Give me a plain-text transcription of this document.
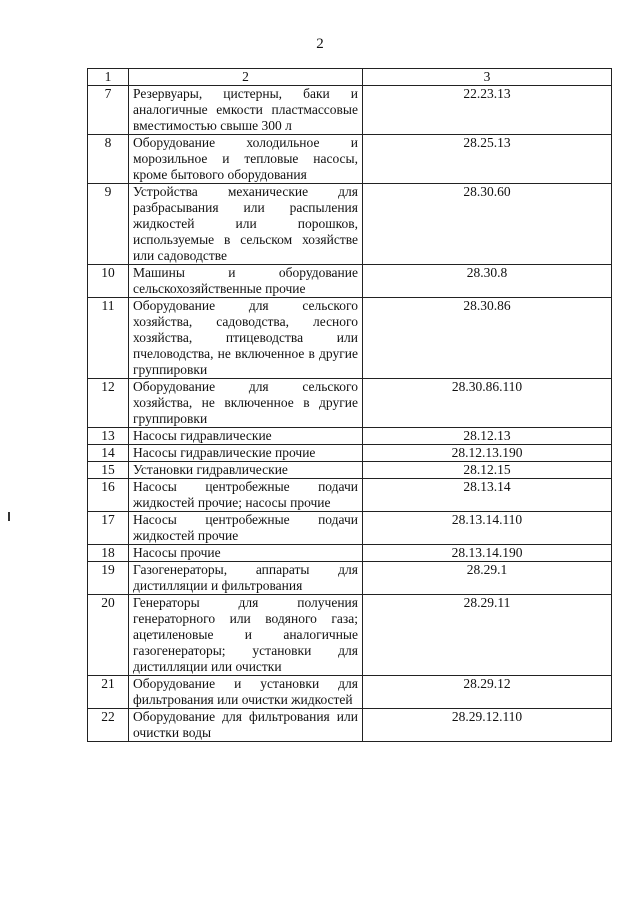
2
1	2	3
7	Резервуары, цистерны, баки и аналогичные емкости пластмассовые вместимостью свыше 300 л	22.23.13
8	Оборудование холодильное и морозильное и тепловые насосы, кроме бытового оборудования	28.25.13
9	Устройства механические для разбрасывания или распыления жидкостей или порошков, используемые в сельском хозяйстве или садоводстве	28.30.60
10	Машины и оборудование сельскохозяйственные прочие	28.30.8
11	Оборудование для сельского хозяйства, садоводства, лесного хозяйства, птицеводства или пчеловодства, не включенное в другие группировки	28.30.86
12	Оборудование для сельского хозяйства, не включенное в другие группировки	28.30.86.110
13	Насосы гидравлические	28.12.13
14	Насосы гидравлические прочие	28.12.13.190
15	Установки гидравлические	28.12.15
16	Насосы центробежные подачи жидкостей прочие; насосы прочие	28.13.14
17	Насосы центробежные подачи жидкостей прочие	28.13.14.110
18	Насосы прочие	28.13.14.190
19	Газогенераторы, аппараты для дистилляции и фильтрования	28.29.1
20	Генераторы для получения генераторного или водяного газа; ацетиленовые и аналогичные газогенераторы; установки для дистилляции или очистки	28.29.11
21	Оборудование и установки для фильтрования или очистки жидкостей	28.29.12
22	Оборудование для фильтрования или очистки воды	28.29.12.110
